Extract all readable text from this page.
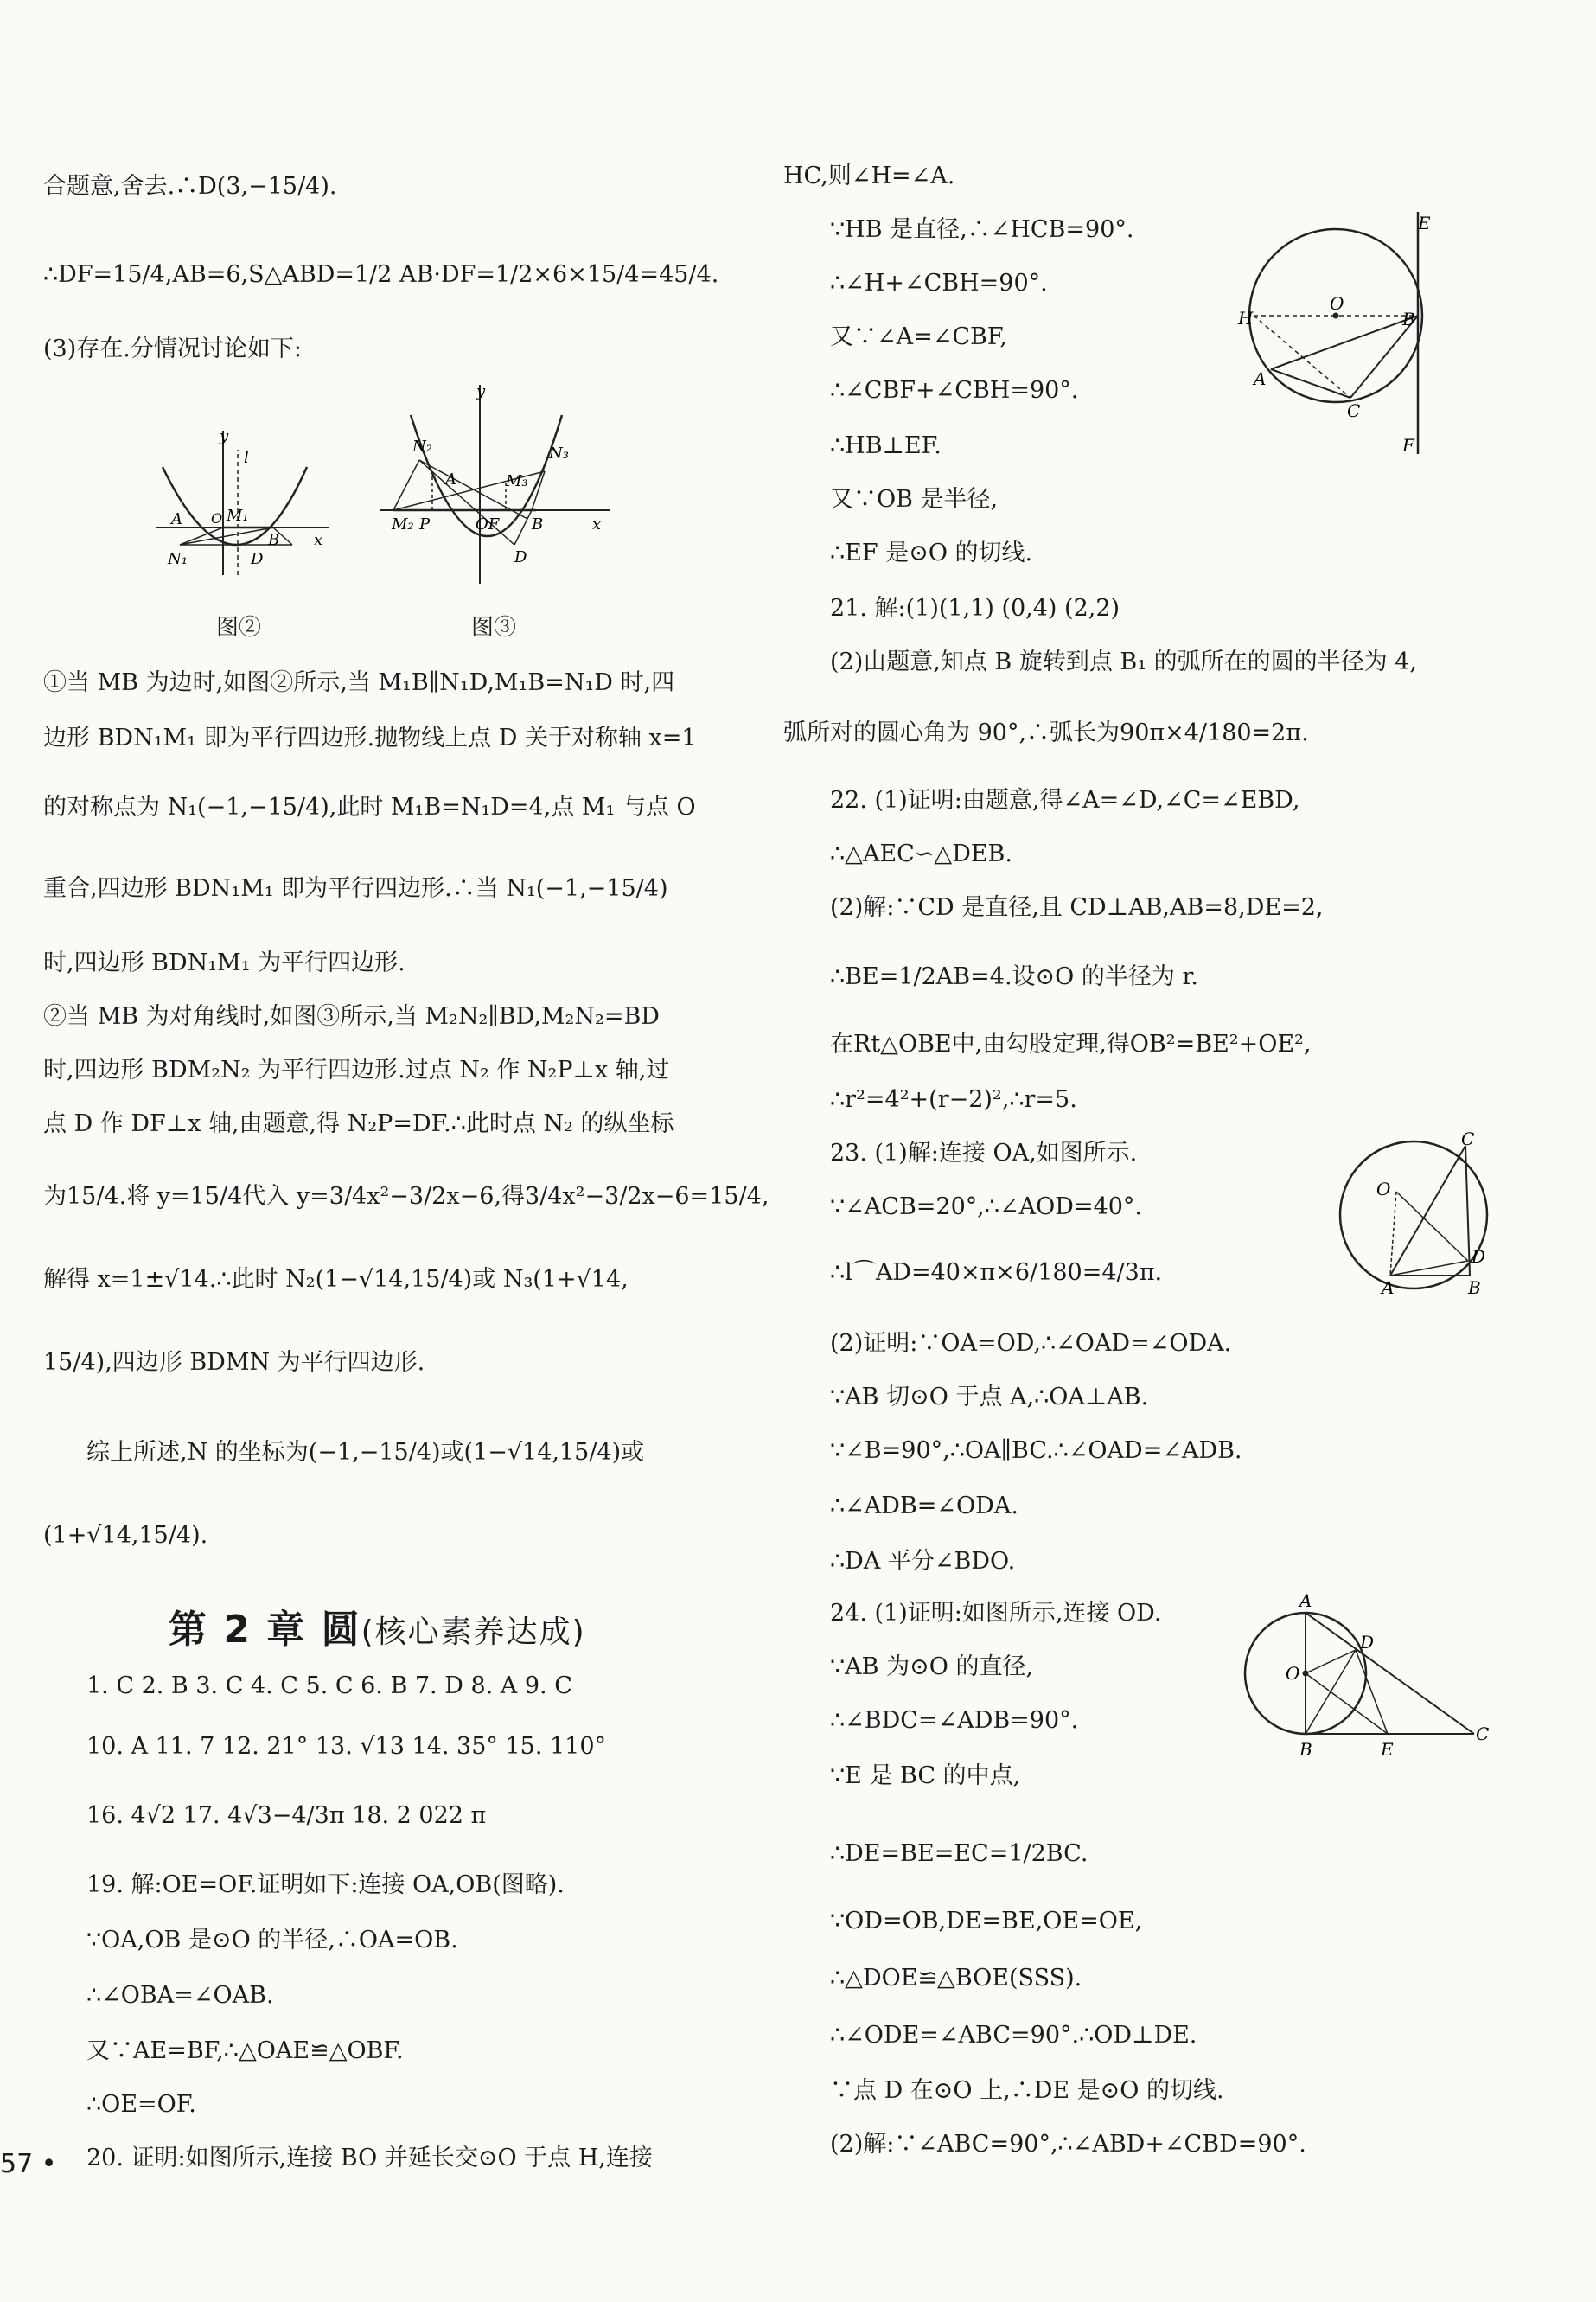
合题意,舍去.∴D(3,−15/4).
∴DF=15/4,AB=6,S△ABD=1/2 AB·DF=1/2×6×15/4=45/4.
(3)存在.分情况讨论如下:
y
l
A O M₁
B x
N₁	D
图②
y
N₂	N₃
A	M₃
M₂ P	OF B	x
D
图③
①当 MB 为边时,如图②所示,当 M₁B∥N₁D,M₁B=N₁D 时,四
边形 BDN₁M₁ 即为平行四边形.抛物线上点 D 关于对称轴 x=1
的对称点为 N₁(−1,−15/4),此时 M₁B=N₁D=4,点 M₁ 与点 O
重合,四边形 BDN₁M₁ 即为平行四边形.∴当 N₁(−1,−15/4)
时,四边形 BDN₁M₁ 为平行四边形.
②当 MB 为对角线时,如图③所示,当 M₂N₂∥BD,M₂N₂=BD
时,四边形 BDM₂N₂ 为平行四边形.过点 N₂ 作 N₂P⊥x 轴,过
点 D 作 DF⊥x 轴,由题意,得 N₂P=DF.∴此时点 N₂ 的纵坐标
为15/4.将 y=15/4代入 y=3/4x²−3/2x−6,得3/4x²−3/2x−6=15/4,
解得 x=1±√14.∴此时 N₂(1−√14,15/4)或 N₃(1+√14,
15/4),四边形 BDMN 为平行四边形.
综上所述,N 的坐标为(−1,−15/4)或(1−√14,15/4)或
(1+√14,15/4).
第 2 章 圆(核心素养达成)
1. C 2. B 3. C 4. C 5. C 6. B 7. D 8. A 9. C
10. A 11. 7 12. 21° 13. √13 14. 35° 15. 110°
16. 4√2 17. 4√3−4/3π 18. 2 022 π
19. 解:OE=OF.证明如下:连接 OA,OB(图略).
∵OA,OB 是⊙O 的半径,∴OA=OB.
∴∠OBA=∠OAB.
又∵AE=BF,∴△OAE≌△OBF.
∴OE=OF.
20. 证明:如图所示,连接 BO 并延长交⊙O 于点 H,连接
57 •
HC,则∠H=∠A.
∵HB 是直径,∴∠HCB=90°.
∴∠H+∠CBH=90°.
又∵∠A=∠CBF,
∴∠CBF+∠CBH=90°.
∴HB⊥EF.
又∵OB 是半径,
∴EF 是⊙O 的切线.
E
O
H	B
A
C
F
21. 解:(1)(1,1) (0,4) (2,2)
(2)由题意,知点 B 旋转到点 B₁ 的弧所在的圆的半径为 4,
弧所对的圆心角为 90°,∴弧长为90π×4/180=2π.
22. (1)证明:由题意,得∠A=∠D,∠C=∠EBD,
∴△AEC∽△DEB.
(2)解:∵CD 是直径,且 CD⊥AB,AB=8,DE=2,
∴BE=1/2AB=4.设⊙O 的半径为 r.
在Rt△OBE中,由勾股定理,得OB²=BE²+OE²,
∴r²=4²+(r−2)²,∴r=5.
23. (1)解:连接 OA,如图所示.
∵∠ACB=20°,∴∠AOD=40°.
∴l⌒AD=40×π×6/180=4/3π.
C
O
D
A	B
(2)证明:∵OA=OD,∴∠OAD=∠ODA.
∵AB 切⊙O 于点 A,∴OA⊥AB.
∵∠B=90°,∴OA∥BC.∴∠OAD=∠ADB.
∴∠ADB=∠ODA.
∴DA 平分∠BDO.
24. (1)证明:如图所示,连接 OD.
∵AB 为⊙O 的直径,
∴∠BDC=∠ADB=90°.
∵E 是 BC 的中点,
∴DE=BE=EC=1/2BC.
∵OD=OB,DE=BE,OE=OE,
∴△DOE≌△BOE(SSS).
∴∠ODE=∠ABC=90°.∴OD⊥DE.
∵点 D 在⊙O 上,∴DE 是⊙O 的切线.
(2)解:∵∠ABC=90°,∴∠ABD+∠CBD=90°.
A
D
O
B	E
C
